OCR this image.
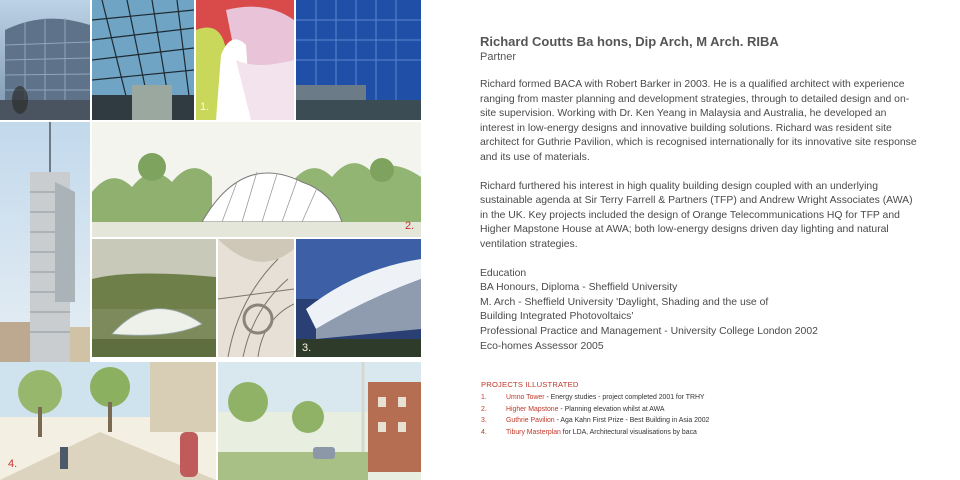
1.
2.
3.
4.

Richard Coutts Ba hons, Dip Arch, M Arch. RIBA

Partner

Richard formed BACA with Robert Barker in 2003. He is a qualified architect with experience ranging from master planning and development strategies, through to detailed design and on-site supervision. Working with Dr. Ken Yeang in Malaysia and Australia, he developed an interest in low-energy designs and innovative building solutions. Richard was resident site architect for Guthrie Pavilion, which is recognised internationally for its innovative site response and its use of materials.

Richard furthered his interest in high quality building design coupled with an underlying sustainable agenda at Sir Terry Farrell & Partners (TFP) and Andrew Wright Associates (AWA) in the UK. Key projects included the design of Orange Telecommunications HQ for TFP and Higher Mapstone House at AWA; both low-energy designs driven day lighting and natural ventilation strategies.

Education
BA Honours, Diploma - Sheffield University
M. Arch - Sheffield University 'Daylight, Shading and the use of
Building Integrated Photovoltaics'
Professional Practice and Management - University College London 2002
Eco-homes Assessor 2005
PROJECTS ILLUSTRATED
1.	Umno Tower - Energy studies - project completed 2001 for TRHY
2.	Higher Mapstone - Planning elevation whilst at AWA
3.	Guthrie Pavilion - Aga Kahn First Prize - Best Building in Asia 2002
4.	Tibury Masterplan for LDA, Architectural visualisations by baca
